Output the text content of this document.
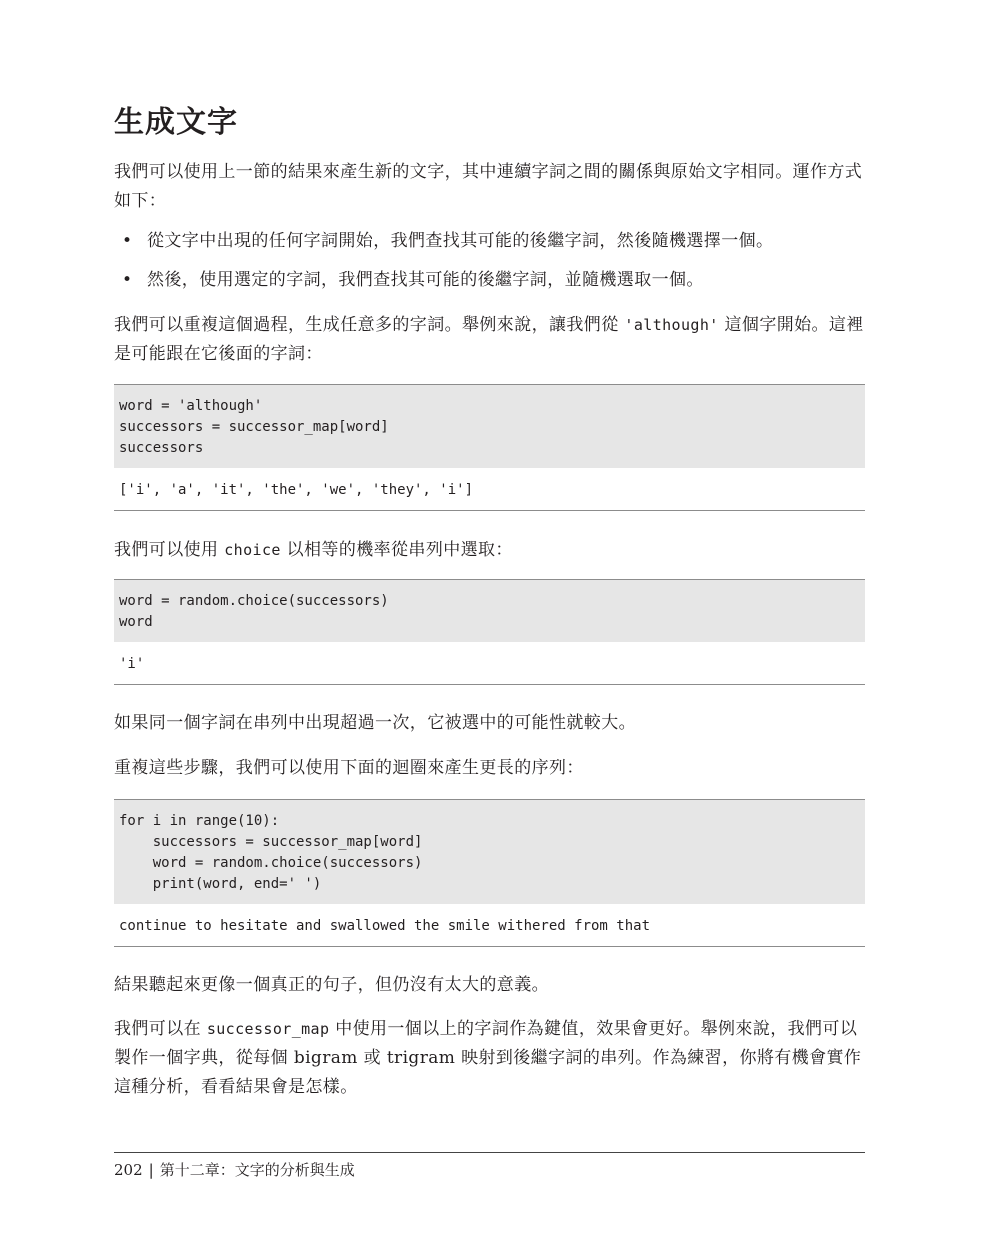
生成文字

我們可以使用上一節的結果來產生新的文字，其中連續字詞之間的關係與原始文字相同。運作方式如下：

• 從文字中出現的任何字詞開始，我們查找其可能的後繼字詞，然後隨機選擇一個。
• 然後，使用選定的字詞，我們查找其可能的後繼字詞，並隨機選取一個。

我們可以重複這個過程，生成任意多的字詞。舉例來說，讓我們從 'although' 這個字開始。這裡是可能跟在它後面的字詞：

word = 'although'
successors = successor_map[word]
successors
['i', 'a', 'it', 'the', 'we', 'they', 'i']

我們可以使用 choice 以相等的機率從串列中選取：

word = random.choice(successors)
word
'i'

如果同一個字詞在串列中出現超過一次，它被選中的可能性就較大。

重複這些步驟，我們可以使用下面的迴圈來產生更長的序列：

for i in range(10):
successors = successor_map[word]
word = random.choice(successors)
print(word, end=' ')
continue to hesitate and swallowed the smile withered from that

結果聽起來更像一個真正的句子，但仍沒有太大的意義。

我們可以在 successor_map 中使用一個以上的字詞作為鍵值，效果會更好。舉例來說，我們可以製作一個字典，從每個 bigram 或 trigram 映射到後繼字詞的串列。作為練習，你將有機會實作這種分析，看看結果會是怎樣。

202 | 第十二章：文字的分析與生成
